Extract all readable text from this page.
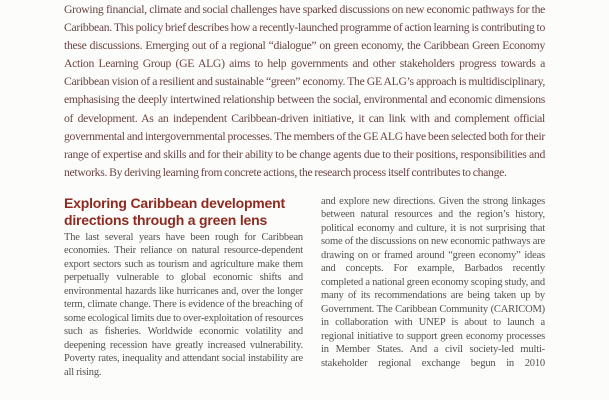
Growing financial, climate and social challenges have sparked discussions on new economic pathways for the Caribbean. This policy brief describes how a recently-launched programme of action learning is contributing to these discussions. Emerging out of a regional “dialogue” on green economy, the Caribbean Green Economy Action Learning Group (GE ALG) aims to help governments and other stakeholders progress towards a Caribbean vision of a resilient and sustainable “green” economy. The GE ALG’s approach is multidisciplinary, emphasising the deeply intertwined relationship between the social, environmental and economic dimensions of development. As an independent Caribbean-driven initiative, it can link with and complement official governmental and intergovernmental processes. The members of the GE ALG have been selected both for their range of expertise and skills and for their ability to be change agents due to their positions, responsibilities and networks. By deriving learning from concrete actions, the research process itself contributes to change.

Exploring Caribbean development directions through a green lens

The last several years have been rough for Caribbean economies. Their reliance on natural resource-dependent export sectors such as tourism and agriculture make them perpetually vulnerable to global economic shifts and environmental hazards like hurricanes and, over the longer term, climate change. There is evidence of the breaching of some ecological limits due to over-exploitation of resources such as fisheries. Worldwide economic volatility and deepening recession have greatly increased vulnerability. Poverty rates, inequality and attendant social instability are all rising.

and explore new directions. Given the strong linkages between natural resources and the region’s history, political economy and culture, it is not surprising that some of the discussions on new economic pathways are drawing on or framed around “green economy” ideas and concepts. For example, Barbados recently completed a national green economy scoping study, and many of its recommendations are being taken up by Government. The Caribbean Community (CARICOM) in collaboration with UNEP is about to launch a regional initiative to support green economy processes in Member States. And a civil society-led multi-stakeholder regional exchange begun in 2010
